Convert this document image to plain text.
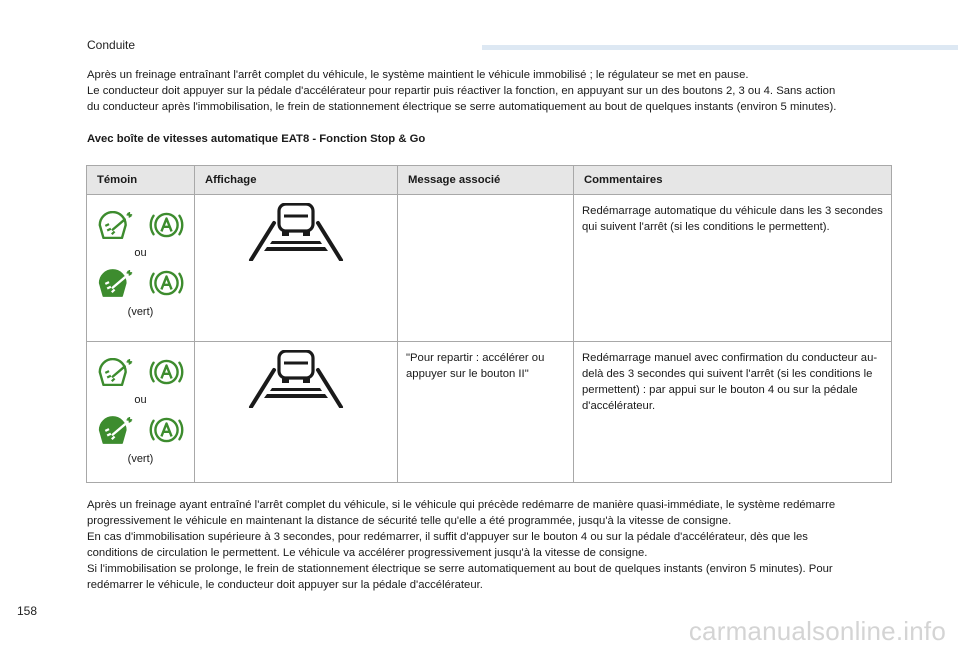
Conduite
Après un freinage entraînant l'arrêt complet du véhicule, le système maintient le véhicule immobilisé ; le régulateur se met en pause.
Le conducteur doit appuyer sur la pédale d'accélérateur pour repartir puis réactiver la fonction, en appuyant sur un des boutons 2, 3 ou 4. Sans action
du conducteur après l'immobilisation, le frein de stationnement électrique se serre automatiquement au bout de quelques instants (environ 5 minutes).
Avec boîte de vitesses automatique EAT8 - Fonction Stop & Go
Témoin	Affichage	Message associé	Commentaires

ou
(vert)			Redémarrage automatique du véhicule dans les 3 secondes qui suivent l'arrêt (si les conditions le permettent).

ou
(vert)		"Pour repartir : accélérer ou appuyer sur le bouton II"	Redémarrage manuel avec confirmation du conducteur au-delà des 3 secondes qui suivent l'arrêt (si les conditions le permettent) : par appui sur le bouton 4 ou sur la pédale d'accélérateur.
Après un freinage ayant entraîné l'arrêt complet du véhicule, si le véhicule qui précède redémarre de manière quasi-immédiate, le système redémarre
progressivement le véhicule en maintenant la distance de sécurité telle qu'elle a été programmée, jusqu'à la vitesse de consigne.
En cas d'immobilisation supérieure à 3 secondes, pour redémarrer, il suffit d'appuyer sur le bouton 4 ou sur la pédale d'accélérateur, dès que les
conditions de circulation le permettent. Le véhicule va accélérer progressivement jusqu'à la vitesse de consigne.
Si l'immobilisation se prolonge, le frein de stationnement électrique se serre automatiquement au bout de quelques instants (environ 5 minutes). Pour
redémarrer le véhicule, le conducteur doit appuyer sur la pédale d'accélérateur.
158
carmanualsonline.info
